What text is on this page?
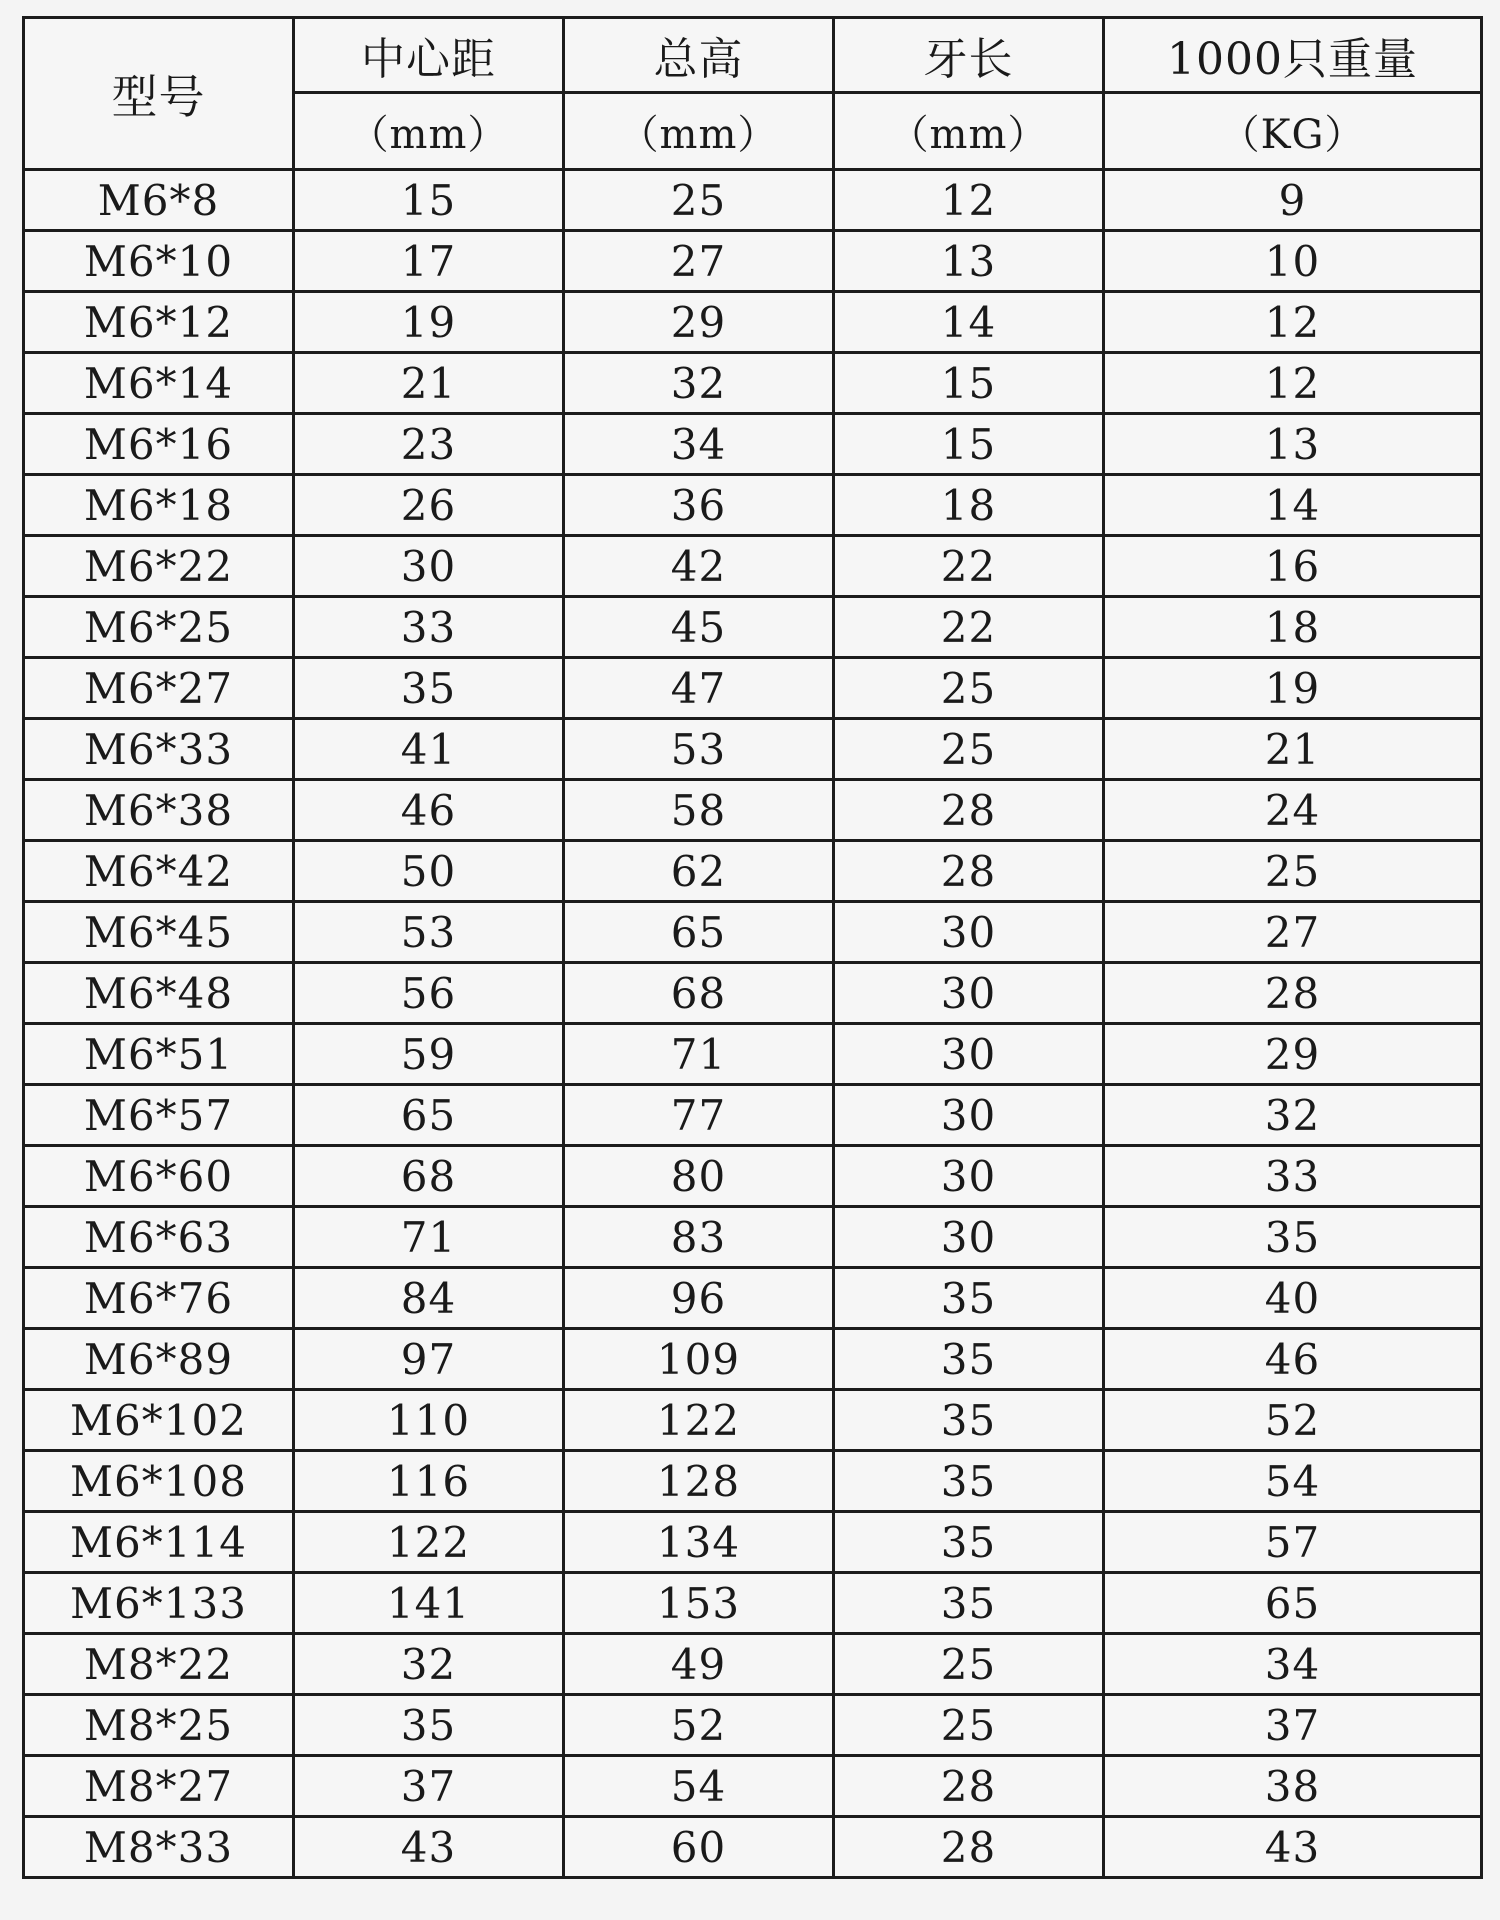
型号	中心距	总高	牙长	1000只重量
	（mm）	（mm）	（mm）	（KG）
M6*8	15	25	12	9
M6*10	17	27	13	10
M6*12	19	29	14	12
M6*14	21	32	15	12
M6*16	23	34	15	13
M6*18	26	36	18	14
M6*22	30	42	22	16
M6*25	33	45	22	18
M6*27	35	47	25	19
M6*33	41	53	25	21
M6*38	46	58	28	24
M6*42	50	62	28	25
M6*45	53	65	30	27
M6*48	56	68	30	28
M6*51	59	71	30	29
M6*57	65	77	30	32
M6*60	68	80	30	33
M6*63	71	83	30	35
M6*76	84	96	35	40
M6*89	97	109	35	46
M6*102	110	122	35	52
M6*108	116	128	35	54
M6*114	122	134	35	57
M6*133	141	153	35	65
M8*22	32	49	25	34
M8*25	35	52	25	37
M8*27	37	54	28	38
M8*33	43	60	28	43
